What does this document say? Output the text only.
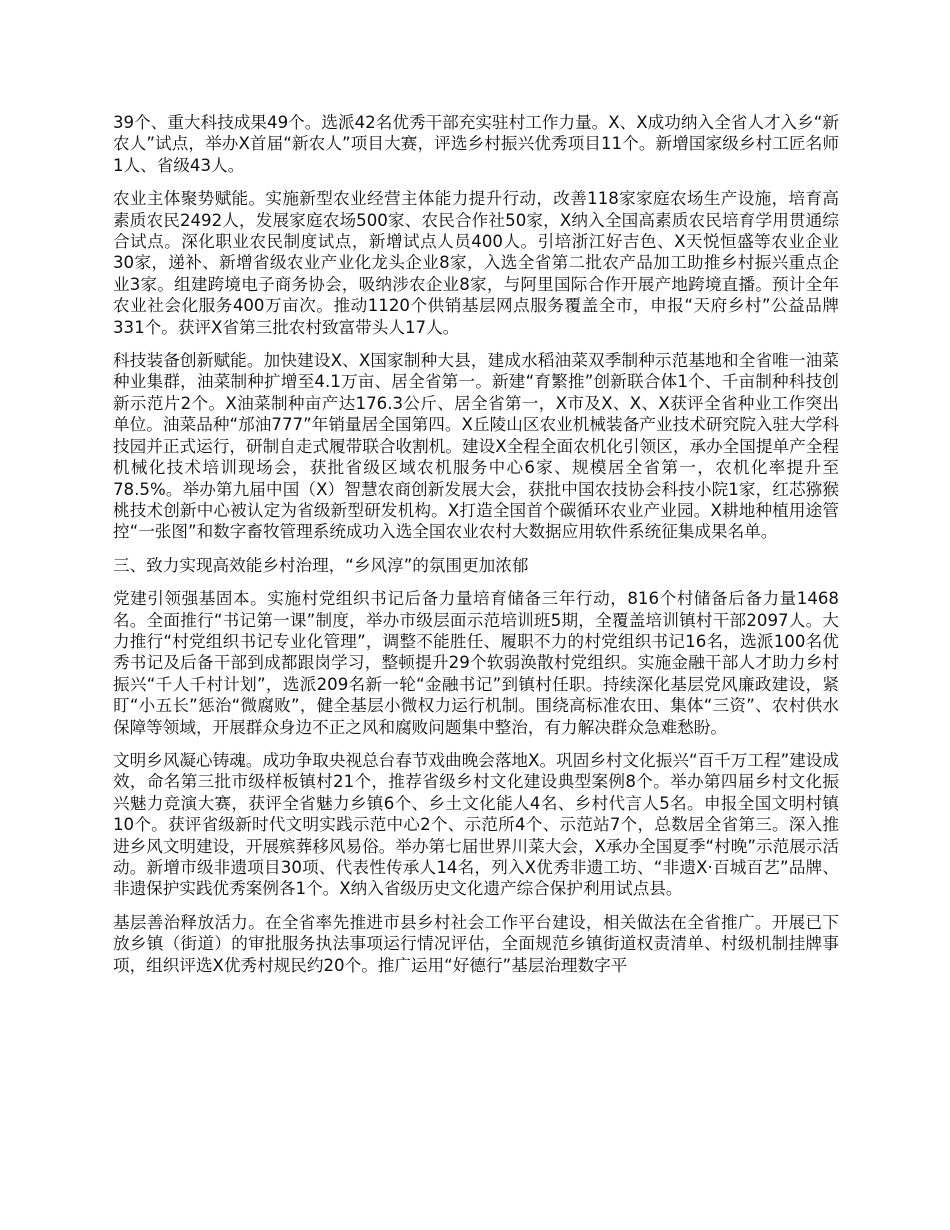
39个、重大科技成果49个。选派42名优秀干部充实驻村工作力量。X、X成功纳入全省人才入乡“新农人”试点，举办X首届“新农人”项目大赛，评选乡村振兴优秀项目11个。新增国家级乡村工匠名师1人、省级43人。

农业主体聚势赋能。实施新型农业经营主体能力提升行动，改善118家家庭农场生产设施，培育高素质农民2492人，发展家庭农场500家、农民合作社50家，X纳入全国高素质农民培育学用贯通综合试点。深化职业农民制度试点，新增试点人员400人。引培浙江好吉色、X天悦恒盛等农业企业30家，递补、新增省级农业产业化龙头企业8家，入选全省第二批农产品加工助推乡村振兴重点企业3家。组建跨境电子商务协会，吸纳涉农企业8家，与阿里国际合作开展产地跨境直播。预计全年农业社会化服务400万亩次。推动1120个供销基层网点服务覆盖全市，申报“天府乡村”公益品牌331个。获评X省第三批农村致富带头人17人。

科技装备创新赋能。加快建设X、X国家制种大县，建成水稻油菜双季制种示范基地和全省唯一油菜种业集群，油菜制种扩增至4.1万亩、居全省第一。新建“育繁推”创新联合体1个、千亩制种科技创新示范片2个。X油菜制种亩产达176.3公斤、居全省第一，X市及X、X、X获评全省种业工作突出单位。油菜品种“邡油777”年销量居全国第四。X丘陵山区农业机械装备产业技术研究院入驻大学科技园并正式运行，研制自走式履带联合收割机。建设X全程全面农机化引领区，承办全国提单产全程机械化技术培训现场会，获批省级区域农机服务中心6家、规模居全省第一，农机化率提升至78.5%。举办第九届中国（X）智慧农商创新发展大会，获批中国农技协会科技小院1家，红芯猕猴桃技术创新中心被认定为省级新型研发机构。X打造全国首个碳循环农业产业园。X耕地种植用途管控“一张图”和数字畜牧管理系统成功入选全国农业农村大数据应用软件系统征集成果名单。

三、致力实现高效能乡村治理，“乡风淳”的氛围更加浓郁

党建引领强基固本。实施村党组织书记后备力量培育储备三年行动，816个村储备后备力量1468名。全面推行“书记第一课”制度，举办市级层面示范培训班5期，全覆盖培训镇村干部2097人。大力推行“村党组织书记专业化管理”，调整不能胜任、履职不力的村党组织书记16名，选派100名优秀书记及后备干部到成都跟岗学习，整顿提升29个软弱涣散村党组织。实施金融干部人才助力乡村振兴“千人千村计划”，选派209名新一轮“金融书记”到镇村任职。持续深化基层党风廉政建设，紧盯“小五长”惩治“微腐败”，健全基层小微权力运行机制。围绕高标准农田、集体“三资”、农村供水保障等领域，开展群众身边不正之风和腐败问题集中整治，有力解决群众急难愁盼。

文明乡风凝心铸魂。成功争取央视总台春节戏曲晚会落地X。巩固乡村文化振兴“百千万工程”建设成效，命名第三批市级样板镇村21个，推荐省级乡村文化建设典型案例8个。举办第四届乡村文化振兴魅力竞演大赛，获评全省魅力乡镇6个、乡土文化能人4名、乡村代言人5名。申报全国文明村镇10个。获评省级新时代文明实践示范中心2个、示范所4个、示范站7个，总数居全省第三。深入推进乡风文明建设，开展殡葬移风易俗。举办第七届世界川菜大会，X承办全国夏季“村晚”示范展示活动。新增市级非遗项目30项、代表性传承人14名，列入X优秀非遗工坊、“非遗X·百城百艺”品牌、非遗保护实践优秀案例各1个。X纳入省级历史文化遗产综合保护利用试点县。

基层善治释放活力。在全省率先推进市县乡村社会工作平台建设，相关做法在全省推广。开展已下放乡镇（街道）的审批服务执法事项运行情况评估，全面规范乡镇街道权责清单、村级机制挂牌事项，组织评选X优秀村规民约20个。推广运用“好德行”基层治理数字平
